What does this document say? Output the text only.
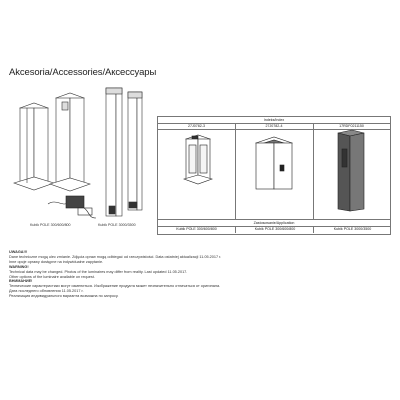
Akcesoria/Accessories/Аксессуары
Kubik POLE 300/600/800	Kubik POLE 3000/3500
Indeks/Index
27J0782-3	27J0782-4	17RDF0211150
Zastosowanie/Application
Kubik POLE 300/600/800	Kubik POLE 300/600/800	Kubik POLE 3000/3500
UWAGA!!!
Dane techniczne mogą ulec zmianie. Zdjęcia opraw mogą odbiegać od rzeczywistości. Data ostatniej aktualizacji 11.05.2017 r.
Inne opcje oprawy dostępne na indywidualne zapytanie.
WARNING!
Technical data may be changed. Photos of the luminaires may differ from reality. Last updated 11.05.2017.
Other options of the luminaire available on request.
ВНИМАНИЕ!
Технические характеристики могут измениться. Изображение продукта может незначительно отличаться от оригинала.
Дата последнего обновления 11.05.2017 г.
Реализация индивидуального варианта возможна по запросу.
